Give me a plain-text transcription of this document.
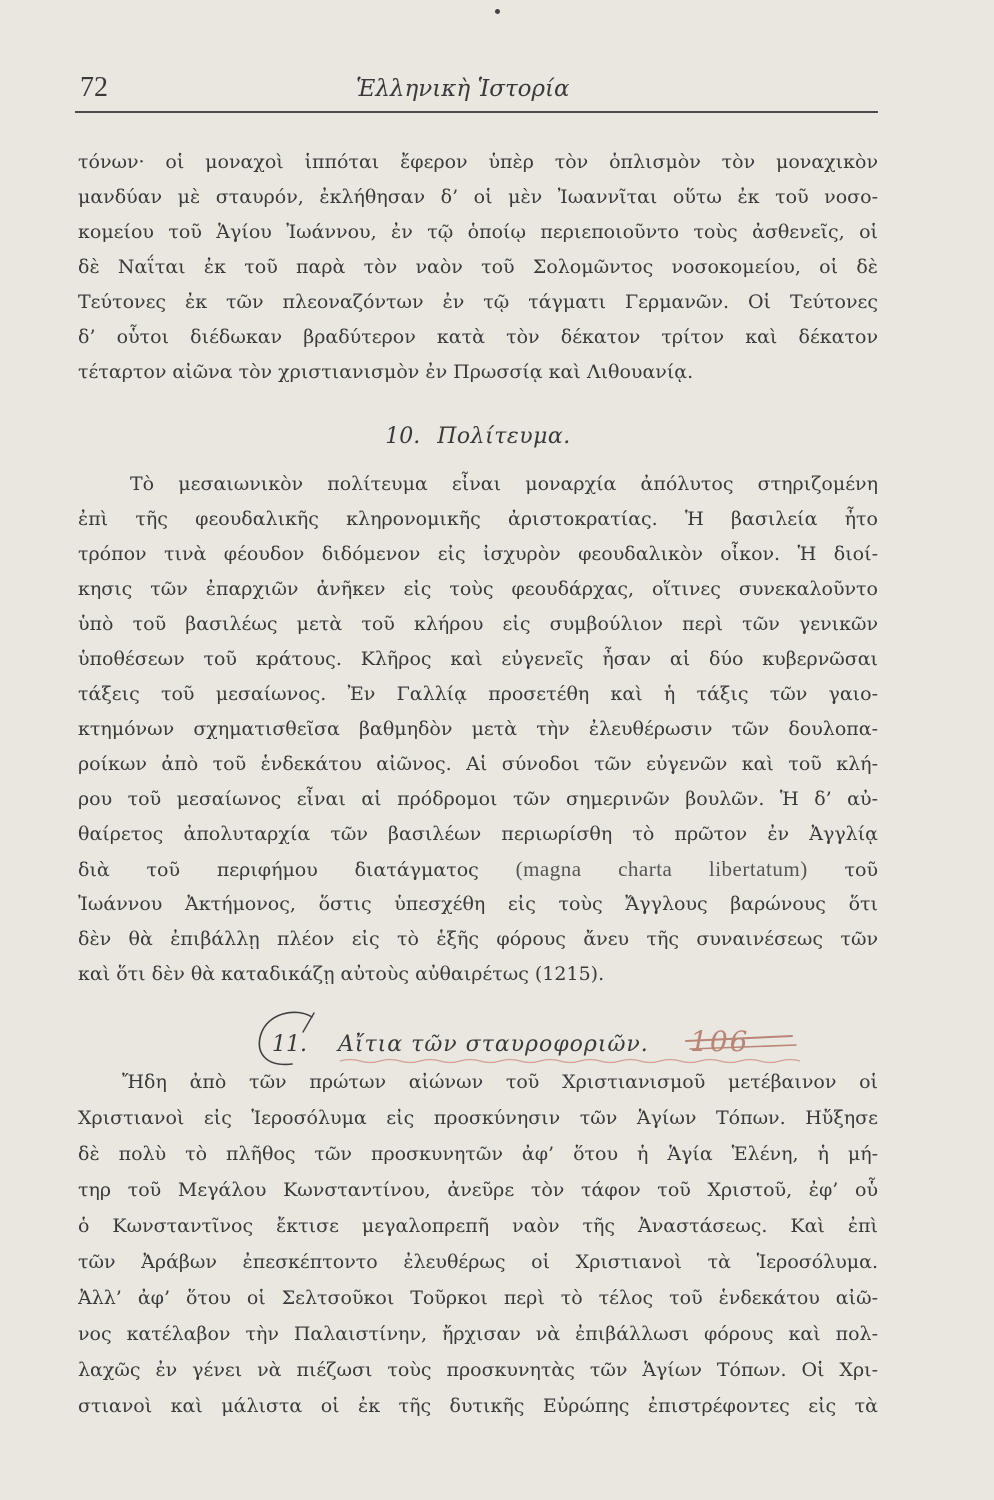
72	Ἑλληνικὴ Ἱστορία
τόνων· οἱ μοναχοὶ ἱππόται ἔφερον ὑπὲρ τὸν ὁπλισμὸν τὸν μοναχικὸν
μανδύαν μὲ σταυρόν, ἐκλήθησαν δ’ οἱ μὲν Ἰωαννῖται οὕτω ἐκ τοῦ νοσο-
κομείου τοῦ Ἁγίου Ἰωάννου, ἐν τῷ ὁποίῳ περιεποιοῦντο τοὺς ἀσθενεῖς, οἱ
δὲ Ναΐται ἐκ τοῦ παρὰ τὸν ναὸν τοῦ Σολομῶντος νοσοκομείου, οἱ δὲ
Τεύτονες ἐκ τῶν πλεοναζόντων ἐν τῷ τάγματι Γερμανῶν. Οἱ Τεύτονες
δ’ οὗτοι διέδωκαν βραδύτερον κατὰ τὸν δέκατον τρίτον καὶ δέκατον
τέταρτον αἰῶνα τὸν χριστιανισμὸν ἐν Πρωσσίᾳ καὶ Λιθουανίᾳ.
10. Πολίτευμα.
Τὸ μεσαιωνικὸν πολίτευμα εἶναι μοναρχία ἀπόλυτος στηριζομένη
ἐπὶ τῆς φεουδαλικῆς κληρονομικῆς ἀριστοκρατίας. Ἡ βασιλεία ἦτο
τρόπον τινὰ φέουδον διδόμενον εἰς ἰσχυρὸν φεουδαλικὸν οἶκον. Ἡ διοί-
κησις τῶν ἐπαρχιῶν ἀνῆκεν εἰς τοὺς φεουδάρχας, οἵτινες συνεκαλοῦντο
ὑπὸ τοῦ βασιλέως μετὰ τοῦ κλήρου εἰς συμβούλιον περὶ τῶν γενικῶν
ὑποθέσεων τοῦ κράτους. Κλῆρος καὶ εὐγενεῖς ἦσαν αἱ δύο κυβερνῶσαι
τάξεις τοῦ μεσαίωνος. Ἐν Γαλλίᾳ προσετέθη καὶ ἡ τάξις τῶν γαιο-
κτημόνων σχηματισθεῖσα βαθμηδὸν μετὰ τὴν ἐλευθέρωσιν τῶν δουλοπα-
ροίκων ἀπὸ τοῦ ἑνδεκάτου αἰῶνος. Αἱ σύνοδοι τῶν εὐγενῶν καὶ τοῦ κλή-
ρου τοῦ μεσαίωνος εἶναι αἱ πρόδρομοι τῶν σημερινῶν βουλῶν. Ἡ δ’ αὐ-
θαίρετος ἀπολυταρχία τῶν βασιλέων περιωρίσθη τὸ πρῶτον ἐν Ἀγγλίᾳ
διὰ τοῦ περιφήμου διατάγματος (magna charta libertatum) τοῦ
Ἰωάννου Ἀκτήμονος, ὅστις ὑπεσχέθη εἰς τοὺς Ἄγγλους βαρώνους ὅτι
δὲν θὰ ἐπιβάλλῃ πλέον εἰς τὸ ἑξῆς φόρους ἄνευ τῆς συναινέσεως τῶν
καὶ ὅτι δὲν θὰ καταδικάζῃ αὐτοὺς αὐθαιρέτως (1215).
11. Αἴτια τῶν σταυροφοριῶν. 106
Ἤδη ἀπὸ τῶν πρώτων αἰώνων τοῦ Χριστιανισμοῦ μετέβαινον οἱ
Χριστιανοὶ εἰς Ἱεροσόλυμα εἰς προσκύνησιν τῶν Ἁγίων Τόπων. Ηὔξησε
δὲ πολὺ τὸ πλῆθος τῶν προσκυνητῶν ἀφ’ ὅτου ἡ Ἁγία Ἑλένη, ἡ μή-
τηρ τοῦ Μεγάλου Κωνσταντίνου, ἀνεῦρε τὸν τάφον τοῦ Χριστοῦ, ἐφ’ οὗ
ὁ Κωνσταντῖνος ἔκτισε μεγαλοπρεπῆ ναὸν τῆς Ἀναστάσεως. Καὶ ἐπὶ
τῶν Ἀράβων ἐπεσκέπτοντο ἐλευθέρως οἱ Χριστιανοὶ τὰ Ἱεροσόλυμα.
Ἀλλ’ ἀφ’ ὅτου οἱ Σελτσοῦκοι Τοῦρκοι περὶ τὸ τέλος τοῦ ἑνδεκάτου αἰῶ-
νος κατέλαβον τὴν Παλαιστίνην, ἤρχισαν νὰ ἐπιβάλλωσι φόρους καὶ πολ-
λαχῶς ἐν γένει νὰ πιέζωσι τοὺς προσκυνητὰς τῶν Ἁγίων Τόπων. Οἱ Χρι-
στιανοὶ καὶ μάλιστα οἱ ἐκ τῆς δυτικῆς Εὐρώπης ἐπιστρέφοντες εἰς τὰ
